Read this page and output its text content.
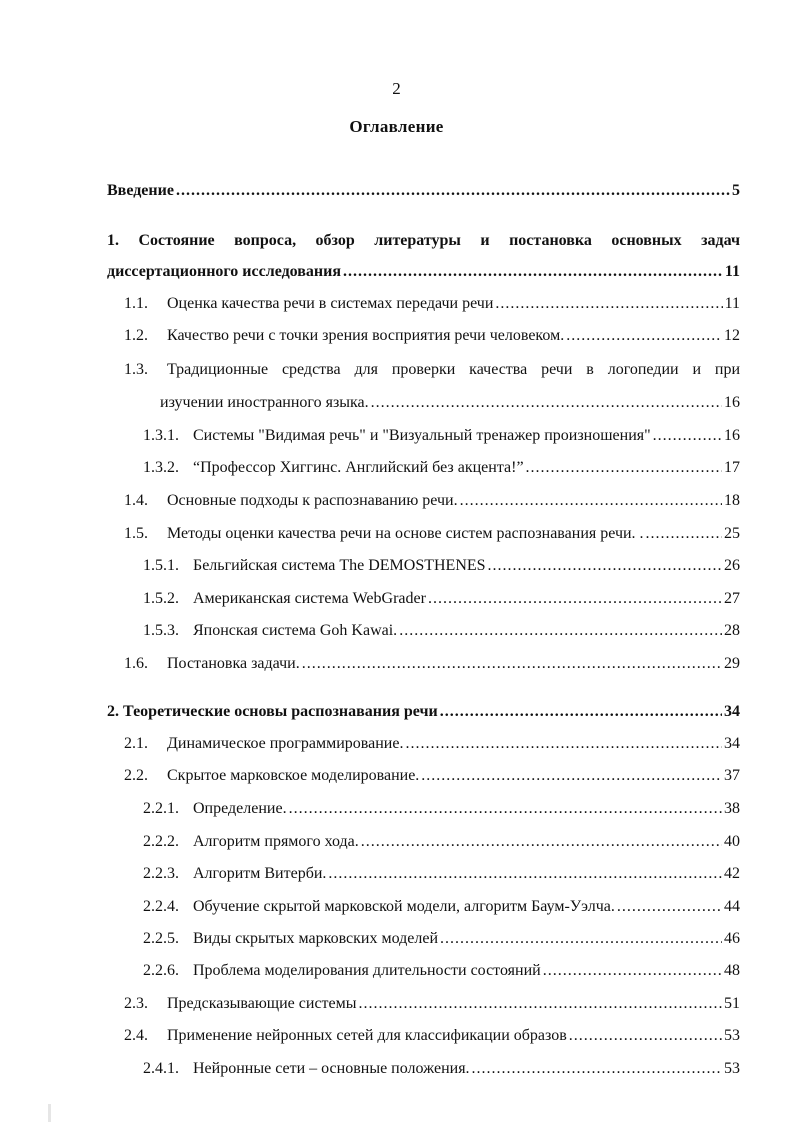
2
Оглавление
Введение .....	5
1. Состояние вопроса, обзор литературы и постановка основных задач
диссертационного исследования .....	11
1.1.	Оценка качества речи в системах передачи речи .....	11
1.2.	Качество речи с точки зрения восприятия речи человеком. .....	12
1.3.	Традиционные средства для проверки качества речи в логопедии и при
изучении иностранного языка. .....	16
1.3.1. Системы "Видимая речь" и "Визуальный тренажер произношения" .....	16
1.3.2. “Профессор Хиггинс. Английский без акцента!” .....	17
1.4.	Основные подходы к распознаванию речи. .....	18
1.5.	Методы оценки качества речи на основе систем распознавания речи. . .....	25
1.5.1. Бельгийская система The DEMOSTHENES .....	26
1.5.2. Американская система WebGrader .....	27
1.5.3. Японская система Goh Kawai. .....	28
1.6.	Постановка задачи. .....	29
2. Теоретические основы распознавания речи .....	34
2.1.	Динамическое программирование. .....	34
2.2.	Скрытое марковское моделирование. .....	37
2.2.1. Определение. .....	38
2.2.2. Алгоритм прямого хода. .....	40
2.2.3. Алгоритм Витерби. .....	42
2.2.4. Обучение скрытой марковской модели, алгоритм Баум-Уэлча. .....	44
2.2.5. Виды скрытых марковских моделей .....	46
2.2.6. Проблема моделирования длительности состояний .....	48
2.3.	Предсказывающие системы .....	51
2.4.	Применение нейронных сетей для классификации образов .....	53
2.4.1. Нейронные сети – основные положения. .....	53
